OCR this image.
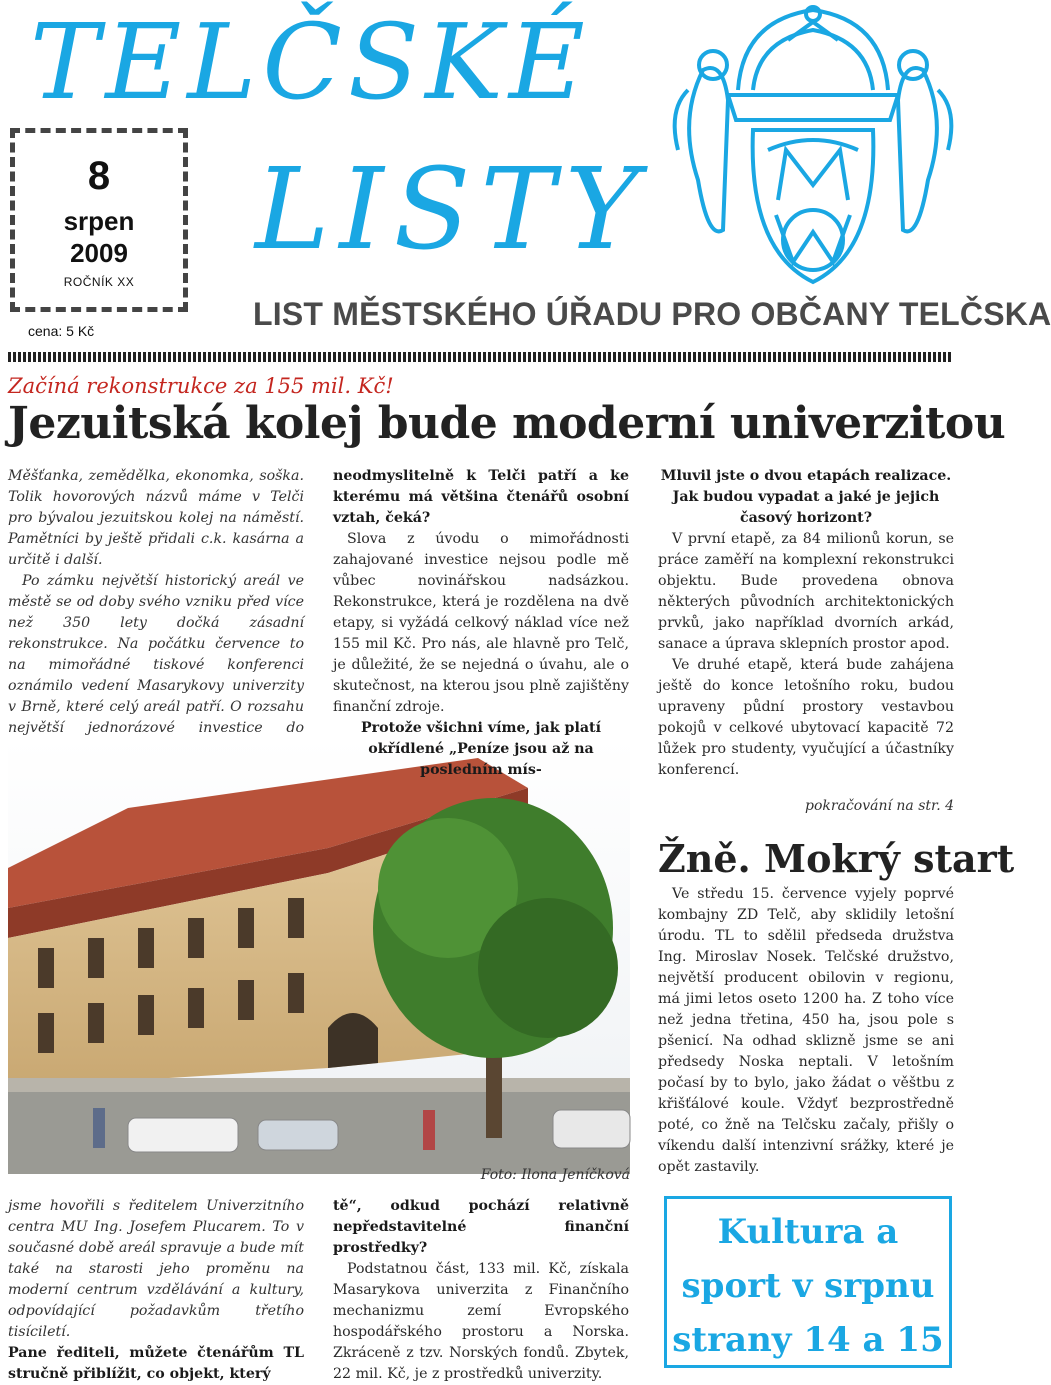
TELČSKÉ
LISTY
8
srpen
2009
ROČNÍK XX
cena: 5 Kč	LIST MĚSTSKÉHO ÚŘADU PRO OBČANY TELČSKA
Začíná rekonstrukce za 155 mil. Kč!
Jezuitská kolej bude moderní univerzitou

Měšťanka, zemědělka, ekonomka, soška. Tolik hovorových názvů máme v Telči pro bývalou jezuitskou kolej na náměstí. Pamětníci by ještě přidali c.k. kasárna a určitě i další.

Po zámku největší historický areál ve městě se od doby svého vzniku před více než 350 lety dočká zásadní rekonstrukce. Na počátku července to na mimořádné tiskové konferenci oznámilo vedení Masarykovy univerzity v Brně, které celý areál patří. O rozsahu největší jednorázové investice do

Foto: Ilona Jeníčková

jsme hovořili s ředitelem Univerzitního centra MU Ing. Josefem Plucarem. To v současné době areál spravuje a bude mít také na starosti jeho proměnu na moderní centrum vzdělávání a kultury, odpovídající požadavkům třetího tisíciletí.

Pane řediteli, můžete čtenářům TL stručně přiblížit, co objekt, který

neodmyslitelně k Telči patří a ke kterému má většina čtenářů osobní vztah, čeká?

Slova z úvodu o mimořádnosti zahajované investice nejsou podle mě vůbec novinářskou nadsázkou. Rekonstrukce, která je rozdělena na dvě etapy, si vyžádá celkový náklad více než 155 mil Kč. Pro nás, ale hlavně pro Telč, je důležité, že se nejedná o úvahu, ale o skutečnost, na kterou jsou plně zajištěny finanční zdroje.

Protože všichni víme, jak platí okřídlené „Peníze jsou až na posledním mís-

tě“, odkud pochází relativně nepředstavitelné finanční prostředky?

Podstatnou část, 133 mil. Kč, získala Masarykova univerzita z Finančního mechanizmu zemí Evropského hospodářského prostoru a Norska. Zkráceně z tzv. Norských fondů. Zbytek, 22 mil. Kč, je z prostředků univerzity.

Mluvil jste o dvou etapách realizace. Jak budou vypadat a jaké je jejich časový horizont?

V první etapě, za 84 milionů korun, se práce zaměří na komplexní rekonstrukci objektu. Bude provedena obnova některých původních architektonických prvků, jako například dvorních arkád, sanace a úprava sklepních prostor apod.

Ve druhé etapě, která bude zahájena ještě do konce letošního roku, budou upraveny půdní prostory vestavbou pokojů v celkové ubytovací kapacitě 72 lůžek pro studenty, vyučující a účastníky konferencí.

pokračování na str. 4
Žně. Mokrý start

Ve středu 15. července vyjely poprvé kombajny ZD Telč, aby sklidily letošní úrodu. TL to sdělil předseda družstva Ing. Miroslav Nosek. Telčské družstvo, největší producent obilovin v regionu, má jimi letos oseto 1200 ha. Z toho více než jedna třetina, 450 ha, jsou pole s pšenicí. Na odhad sklizně jsme se ani předsedy Noska neptali. V letošním počasí by to bylo, jako žádat o věštbu z křišťálové koule. Vždyť bezprostředně poté, co žně na Telčsku začaly, přišly o víkendu další intenzivní srážky, které je opět zastavily.

Kultura a
sport v srpnu
strany 14 a 15
